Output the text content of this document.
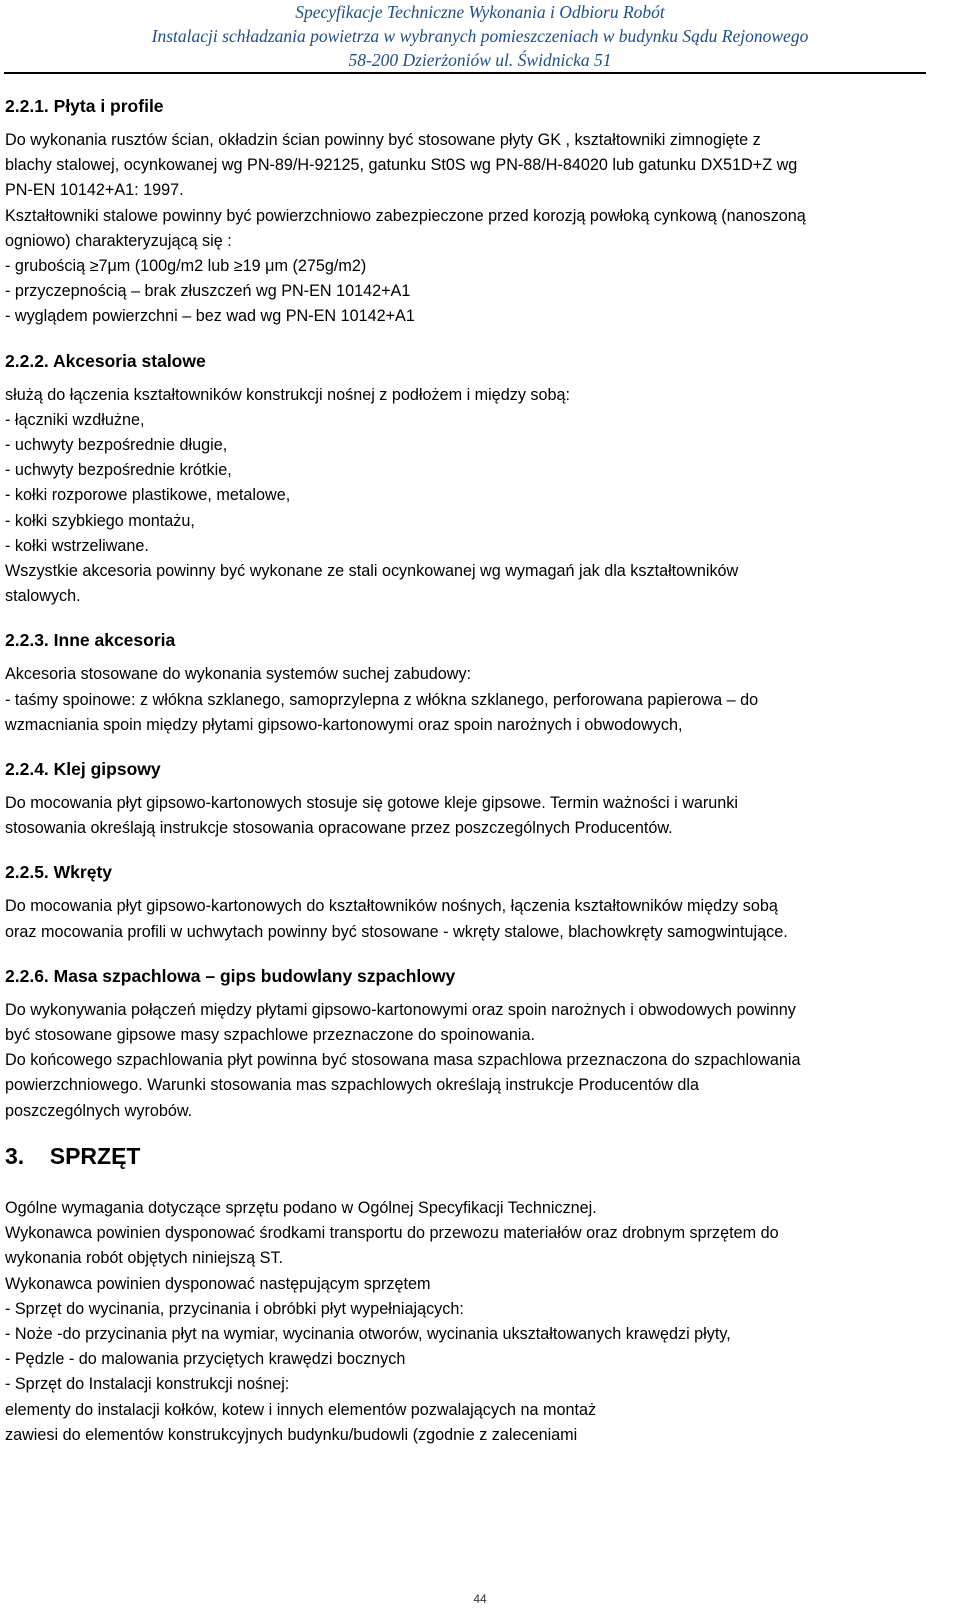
Specyfikacje Techniczne Wykonania i Odbioru Robót
Instalacji schładzania powietrza w wybranych pomieszczeniach w budynku Sądu Rejonowego
58-200 Dzierżoniów ul. Świdnicka 51

2.2.1. Płyta i profile

Do wykonania rusztów ścian, okładzin ścian powinny być stosowane płyty GK , kształtowniki zimnogięte z

blachy stalowej, ocynkowanej wg PN-89/H-92125, gatunku St0S wg PN-88/H-84020 lub gatunku DX51D+Z wg

PN-EN 10142+A1: 1997.

Kształtowniki stalowe powinny być powierzchniowo zabezpieczone przed korozją powłoką cynkową (nanoszoną

ogniowo) charakteryzującą się :

- grubością ≥7μm (100g/m2 lub ≥19 μm (275g/m2)

- przyczepnością – brak złuszczeń wg PN-EN 10142+A1

- wyglądem powierzchni – bez wad wg PN-EN 10142+A1

2.2.2. Akcesoria stalowe

służą do łączenia kształtowników konstrukcji nośnej z podłożem i między sobą:

- łączniki wzdłużne,

- uchwyty bezpośrednie długie,

- uchwyty bezpośrednie krótkie,

- kołki rozporowe plastikowe, metalowe,

- kołki szybkiego montażu,

- kołki wstrzeliwane.

Wszystkie akcesoria powinny być wykonane ze stali ocynkowanej wg wymagań jak dla kształtowników

stalowych.

2.2.3. Inne akcesoria

Akcesoria stosowane do wykonania systemów suchej zabudowy:

- taśmy spoinowe: z włókna szklanego, samoprzylepna z włókna szklanego, perforowana papierowa – do

wzmacniania spoin między płytami gipsowo-kartonowymi oraz spoin narożnych i obwodowych,

2.2.4. Klej gipsowy

Do mocowania płyt gipsowo-kartonowych stosuje się gotowe kleje gipsowe. Termin ważności i warunki

stosowania określają instrukcje stosowania opracowane przez poszczególnych Producentów.

2.2.5. Wkręty

Do mocowania płyt gipsowo-kartonowych do kształtowników nośnych, łączenia kształtowników między sobą

oraz mocowania profili w uchwytach powinny być stosowane - wkręty stalowe, blachowkręty samogwintujące.

2.2.6. Masa szpachlowa – gips budowlany szpachlowy

Do wykonywania połączeń między płytami gipsowo-kartonowymi oraz spoin narożnych i obwodowych powinny

być stosowane gipsowe masy szpachlowe przeznaczone do spoinowania.

Do końcowego szpachlowania płyt powinna być stosowana masa szpachlowa przeznaczona do szpachlowania

powierzchniowego. Warunki stosowania mas szpachlowych określają instrukcje Producentów dla

poszczególnych wyrobów.

3.    SPRZĘT

Ogólne wymagania dotyczące sprzętu podano w Ogólnej Specyfikacji Technicznej.

Wykonawca powinien dysponować środkami transportu do przewozu materiałów oraz drobnym sprzętem do

wykonania robót objętych niniejszą ST.

Wykonawca powinien dysponować następującym sprzętem

- Sprzęt do wycinania, przycinania i obróbki płyt wypełniających:

- Noże -do przycinania płyt na wymiar, wycinania otworów, wycinania ukształtowanych krawędzi płyty,

- Pędzle - do malowania przyciętych krawędzi bocznych

- Sprzęt do Instalacji konstrukcji nośnej:

elementy do instalacji kołków, kotew i innych elementów pozwalających na montaż

zawiesi do elementów konstrukcyjnych budynku/budowli (zgodnie z zaleceniami

44
